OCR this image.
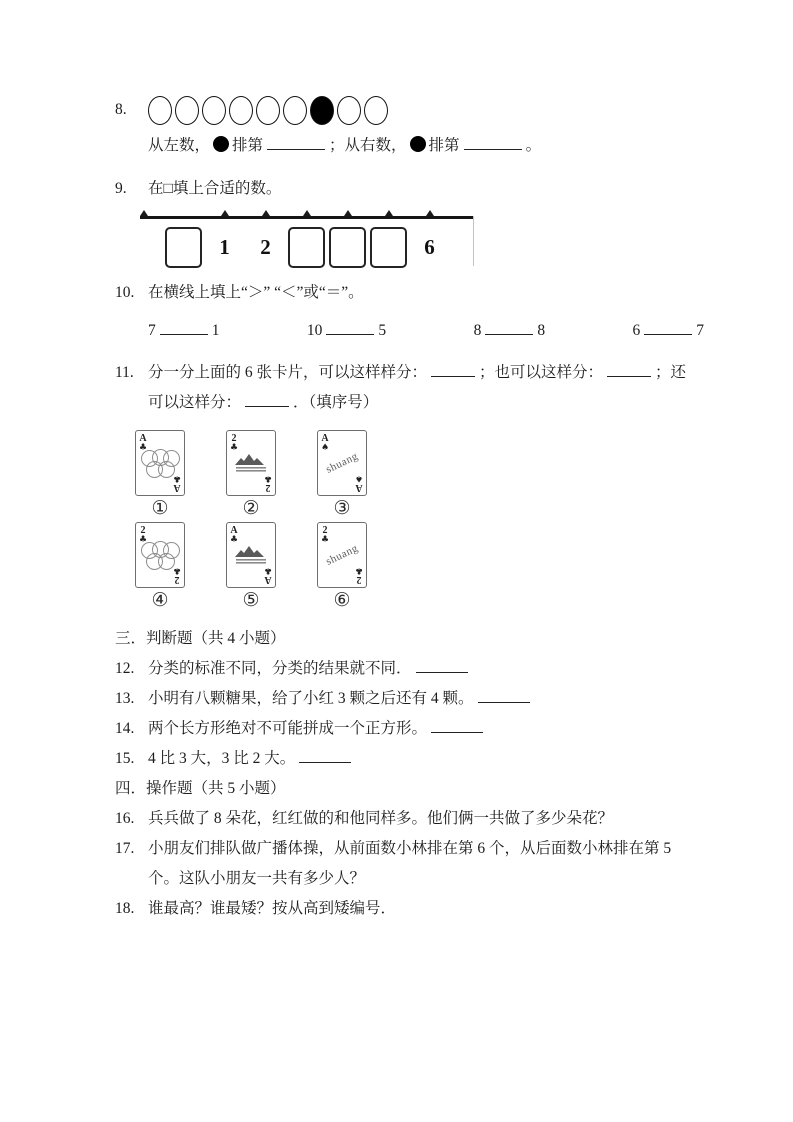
8.
从左数， 排第	；从右数， 排第	。
9.	在□填上合适的数。
1 2	6
10. 在横线上填上“＞” “＜”或“＝”。
7	1	10	5	8	8	6	7
11. 分一分上面的 6 张卡片，可以这样样分：	；也可以这样分：	；还可以这样分：	．（填序号）
A
♣
A
♣
①
2
♣
2
♣
②
A
♠
shuang
A
♠
③
2
♣
2
♣
④
A
♣
A
♣
⑤
2
♣
shuang
2
♣
⑥
三．判断题（共 4 小题）
12. 分类的标准不同，分类的结果就不同．
13. 小明有八颗糖果，给了小红 3 颗之后还有 4 颗。
14. 两个长方形绝对不可能拼成一个正方形。
15. 4 比 3 大，3 比 2 大。
四．操作题（共 5 小题）
16. 兵兵做了 8 朵花，红红做的和他同样多。他们俩一共做了多少朵花？
17. 小朋友们排队做广播体操，从前面数小林排在第 6 个，从后面数小林排在第 5 个。这队小朋友一共有多少人？
18. 谁最高？谁最矮？按从高到矮编号．
